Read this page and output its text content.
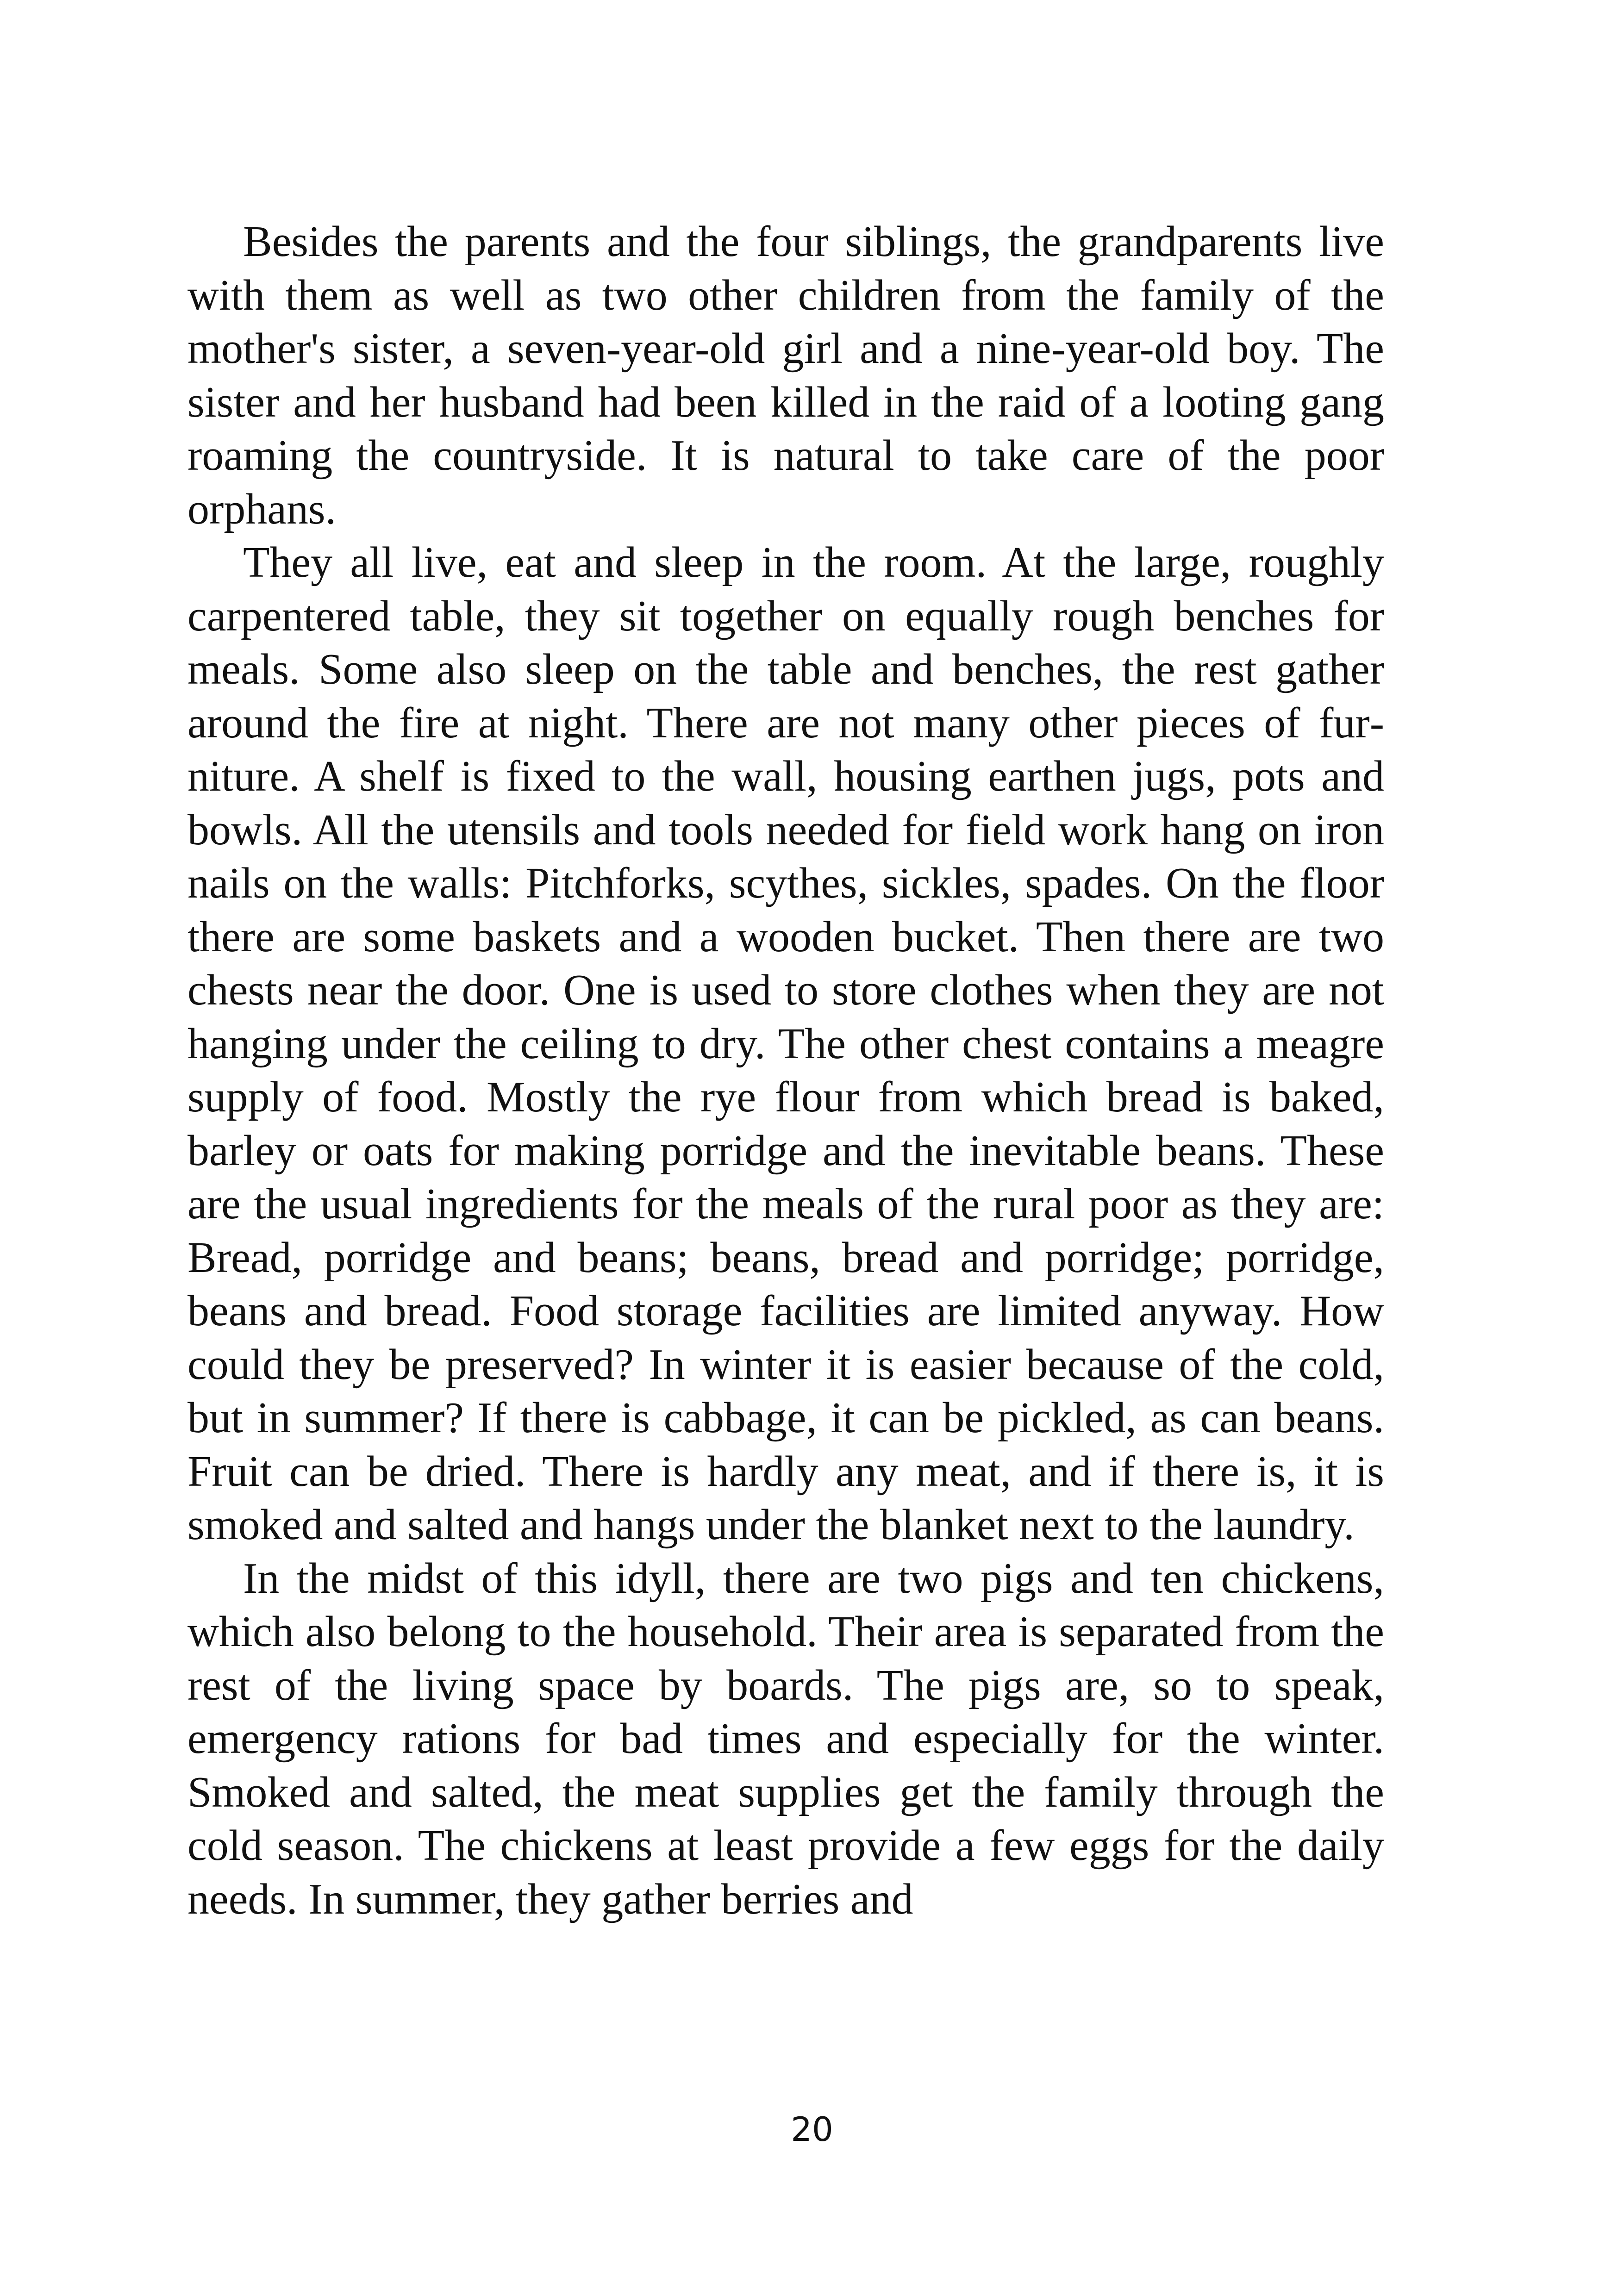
Besides the parents and the four siblings, the grandparents live with them as well as two other children from the family of the mother's sister, a seven-year-old girl and a nine-year-old boy. The sister and her husband had been killed in the raid of a looting gang roaming the countryside. It is natural to take care of the poor orphans.

They all live, eat and sleep in the room. At the large, roughly carpentered table, they sit together on equally rough benches for meals. Some also sleep on the table and benches, the rest gather around the fire at night. There are not many other pieces of furniture. A shelf is fixed to the wall, housing earthen jugs, pots and bowls. All the utensils and tools needed for field work hang on iron nails on the walls: Pitchforks, scythes, sickles, spades. On the floor there are some baskets and a wooden bucket. Then there are two chests near the door. One is used to store clothes when they are not hanging under the ceiling to dry. The other chest contains a meagre supply of food. Mostly the rye flour from which bread is baked, barley or oats for making porridge and the inevitable beans. These are the usual ingredients for the meals of the rural poor as they are: Bread, porridge and beans; beans, bread and porridge; porridge, beans and bread. Food storage facilities are limited anyway. How could they be preserved? In winter it is easier because of the cold, but in summer? If there is cabbage, it can be pickled, as can beans. Fruit can be dried. There is hardly any meat, and if there is, it is smoked and salted and hangs under the blanket next to the laundry.

In the midst of this idyll, there are two pigs and ten chickens, which also belong to the household. Their area is separated from the rest of the living space by boards. The pigs are, so to speak, emergency rations for bad times and especially for the winter. Smoked and salted, the meat supplies get the family through the cold season. The chickens at least provide a few eggs for the daily needs. In summer, they gather berries and

20
